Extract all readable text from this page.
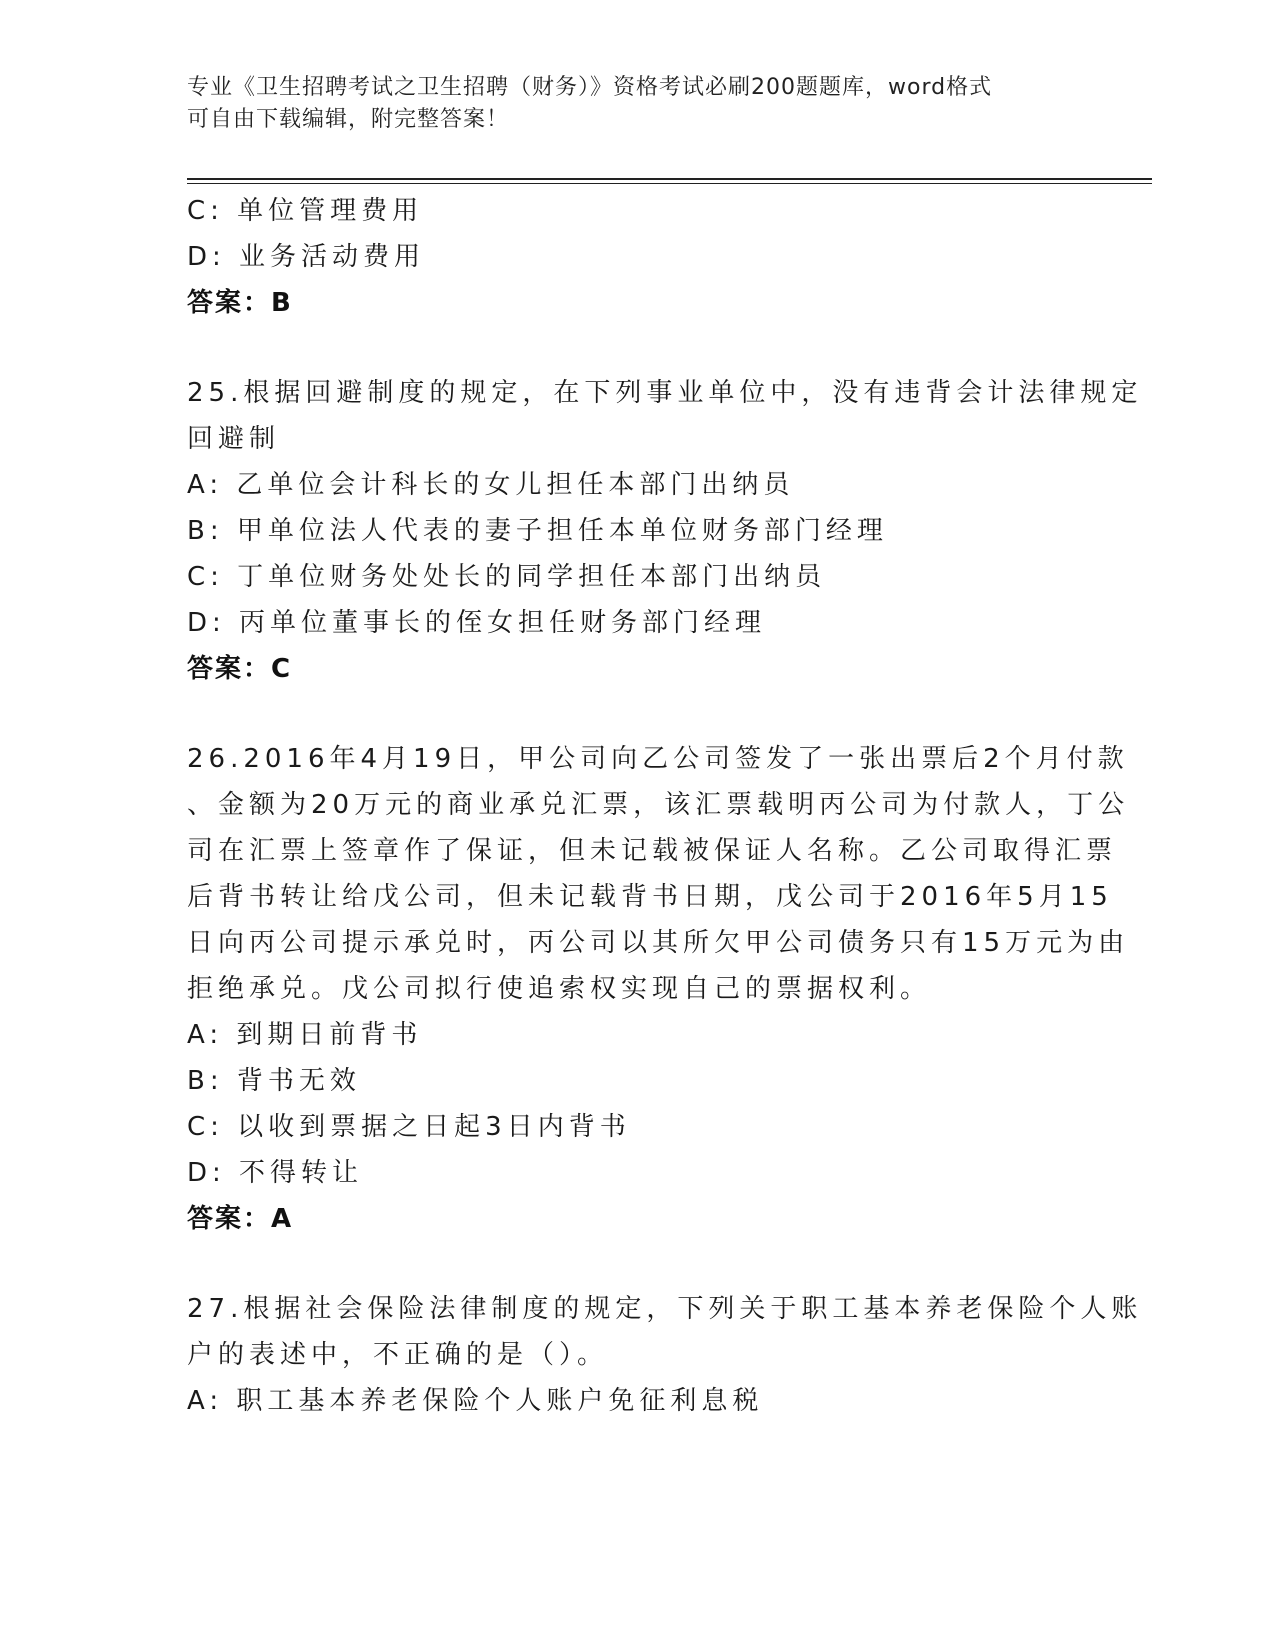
专业《卫生招聘考试之卫生招聘（财务）》资格考试必刷200题题库，word格式
可自由下载编辑，附完整答案！
C: 单位管理费用
D: 业务活动费用
答案：B
25.根据回避制度的规定，在下列事业单位中，没有违背会计法律规定
回避制
A: 乙单位会计科长的女儿担任本部门出纳员
B: 甲单位法人代表的妻子担任本单位财务部门经理
C: 丁单位财务处处长的同学担任本部门出纳员
D: 丙单位董事长的侄女担任财务部门经理
答案：C
26.2016年4月19日，甲公司向乙公司签发了一张出票后2个月付款
、金额为20万元的商业承兑汇票，该汇票载明丙公司为付款人，丁公
司在汇票上签章作了保证，但未记载被保证人名称。乙公司取得汇票
后背书转让给戊公司，但未记载背书日期，戊公司于2016年5月15
日向丙公司提示承兑时，丙公司以其所欠甲公司债务只有15万元为由
拒绝承兑。戊公司拟行使追索权实现自己的票据权利。
A: 到期日前背书
B: 背书无效
C: 以收到票据之日起3日内背书
D: 不得转让
答案：A
27.根据社会保险法律制度的规定，下列关于职工基本养老保险个人账
户的表述中，不正确的是（）。
A: 职工基本养老保险个人账户免征利息税
